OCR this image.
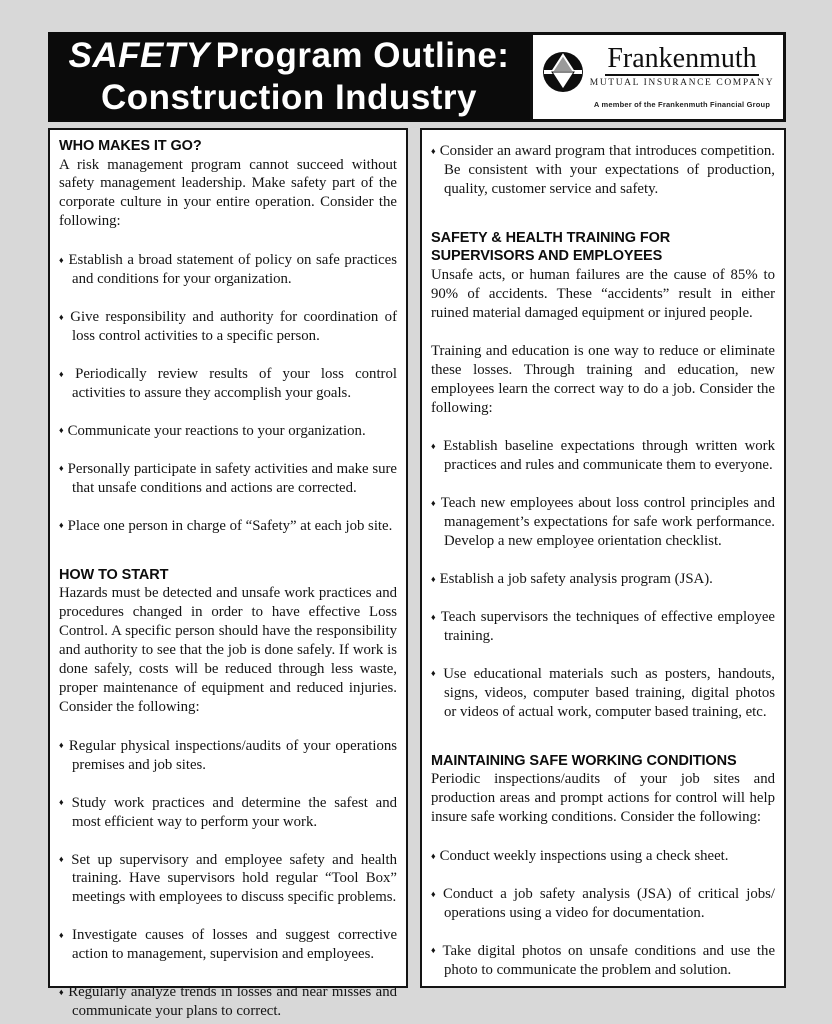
SAFETY Program Outline:
Construction Industry
Frankenmuth
MUTUAL INSURANCE COMPANY
A member of the Frankenmuth Financial Group
WHO MAKES IT GO?

A risk management program cannot succeed without safety management leadership. Make safety part of the corporate culture in your entire operation. Consider the following:

♦ Establish a broad statement of policy on safe practices and conditions for your organization.
♦ Give responsibility and authority for coordination of loss control activities to a specific person.
♦ Periodically review results of your loss control activities to assure they accomplish your goals.
♦ Communicate your reactions to your organization.
♦ Personally participate in safety activities and make sure that unsafe conditions and actions are corrected.
♦ Place one person in charge of “Safety” at each job site.
HOW TO START

Hazards must be detected and unsafe work practices and procedures changed in order to have effective Loss Control. A specific person should have the responsibility and authority to see that the job is done safely. If work is done safely, costs will be reduced through less waste, proper maintenance of equipment and reduced injuries. Consider the following:

♦ Regular physical inspections/audits of your operations premises and job sites.
♦ Study work practices and determine the safest and most efficient way to perform your work.
♦ Set up supervisory and employee safety and health training. Have supervisors hold regular “Tool Box” meetings with employees to discuss specific problems.
♦ Investigate causes of losses and suggest corrective action to management, supervision and employees.
♦ Regularly analyze trends in losses and near misses and communicate your plans to correct.
♦ Consider an award program that introduces competition. Be consistent with your expectations of production, quality, customer service and safety.
SAFETY & HEALTH TRAINING FOR SUPERVISORS AND EMPLOYEES

Unsafe acts, or human failures are the cause of 85% to 90% of accidents. These “accidents” result in either ruined material damaged equipment or injured people.

Training and education is one way to reduce or eliminate these losses. Through training and education, new employees learn the correct way to do a job. Consider the following:

♦ Establish baseline expectations through written work practices and rules and communicate them to everyone.
♦ Teach new employees about loss control principles and management’s expectations for safe work performance. Develop a new employee orientation checklist.
♦ Establish a job safety analysis program (JSA).
♦ Teach supervisors the techniques of effective employee training.
♦ Use educational materials such as posters, handouts, signs, videos, computer based training, digital photos or videos of actual work, computer based training, etc.
MAINTAINING SAFE WORKING CONDITIONS

Periodic inspections/audits of your job sites and production areas and prompt actions for control will help insure safe working conditions. Consider the following:

♦ Conduct weekly inspections using a check sheet.
♦ Conduct a job safety analysis (JSA) of critical jobs/ operations using a video for documentation.
♦ Take digital photos on unsafe conditions and use the photo to communicate the problem and solution.
